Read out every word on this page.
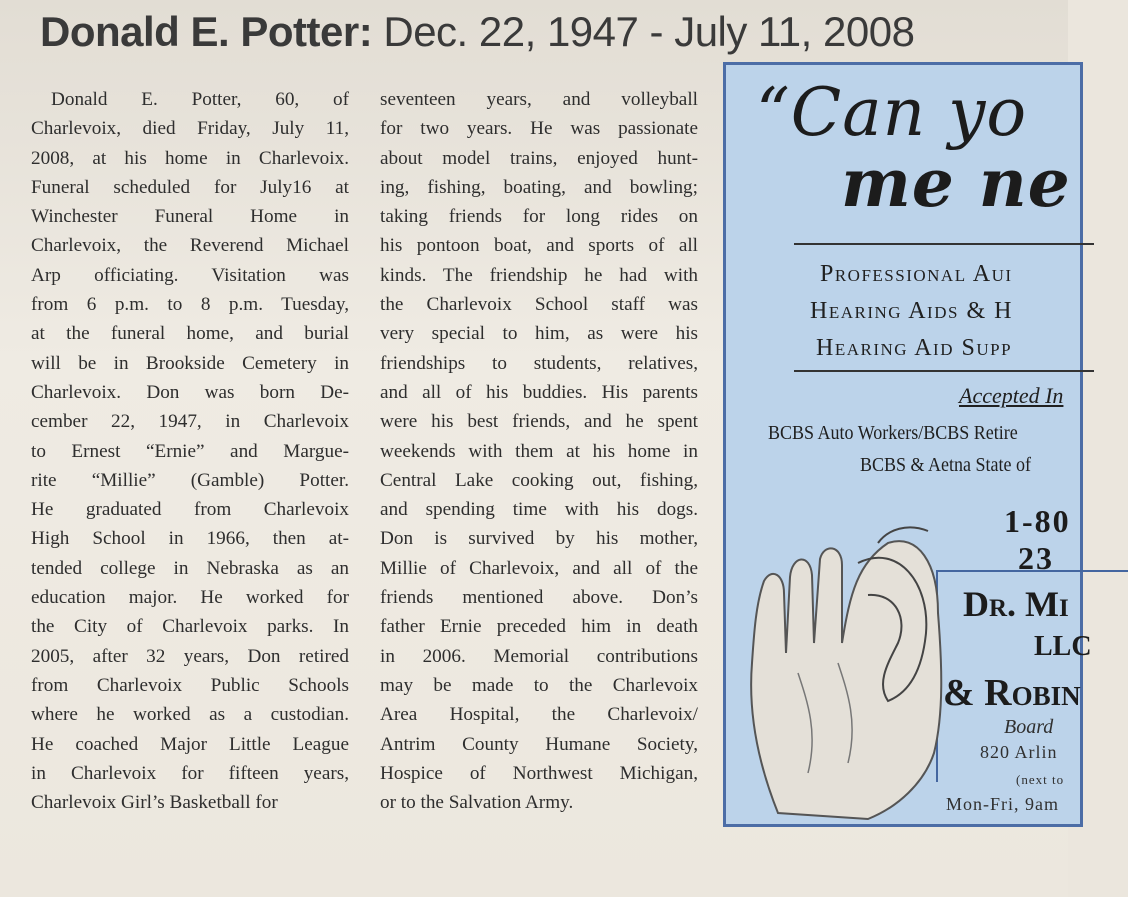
Donald E. Potter: Dec. 22, 1947 - July 11, 2008
Donald E. Potter, 60, of
Charlevoix, died Friday, July 11,
2008, at his home in Charlevoix.
Funeral scheduled for July16 at
Winchester Funeral Home in
Charlevoix, the Reverend Michael
Arp officiating. Visitation was
from 6 p.m. to 8 p.m. Tuesday,
at the funeral home, and burial
will be in Brookside Cemetery in
Charlevoix. Don was born De-
cember 22, 1947, in Charlevoix
to Ernest “Ernie” and Margue-
rite “Millie” (Gamble) Potter.
He graduated from Charlevoix
High School in 1966, then at-
tended college in Nebraska as an
education major. He worked for
the City of Charlevoix parks. In
2005, after 32 years, Don retired
from Charlevoix Public Schools
where he worked as a custodian.
He coached Major Little League
in Charlevoix for fifteen years,
Charlevoix Girl’s Basketball for
seventeen years, and volleyball
for two years. He was passionate
about model trains, enjoyed hunt-
ing, fishing, boating, and bowling;
taking friends for long rides on
his pontoon boat, and sports of all
kinds. The friendship he had with
the Charlevoix School staff was
very special to him, as were his
friendships to students, relatives,
and all of his buddies. His parents
were his best friends, and he spent
weekends with them at his home in
Central Lake cooking out, fishing,
and spending time with his dogs.
Don is survived by his mother,
Millie of Charlevoix, and all of the
friends mentioned above. Don’s
father Ernie preceded him in death
in 2006. Memorial contributions
may be made to the Charlevoix
Area Hospital, the Charlevoix/
Antrim County Humane Society,
Hospice of Northwest Michigan,
or to the Salvation Army.
“Can yo
me ne
Professional Aui
Hearing Aids & H
Hearing Aid Supp
Accepted In
BCBS Auto Workers/BCBS Retire
BCBS & Aetna State of
1-80
23
Dr. Mi
LLC
& Robin
Board
820 Arlin
(next to
Mon-Fri, 9am
